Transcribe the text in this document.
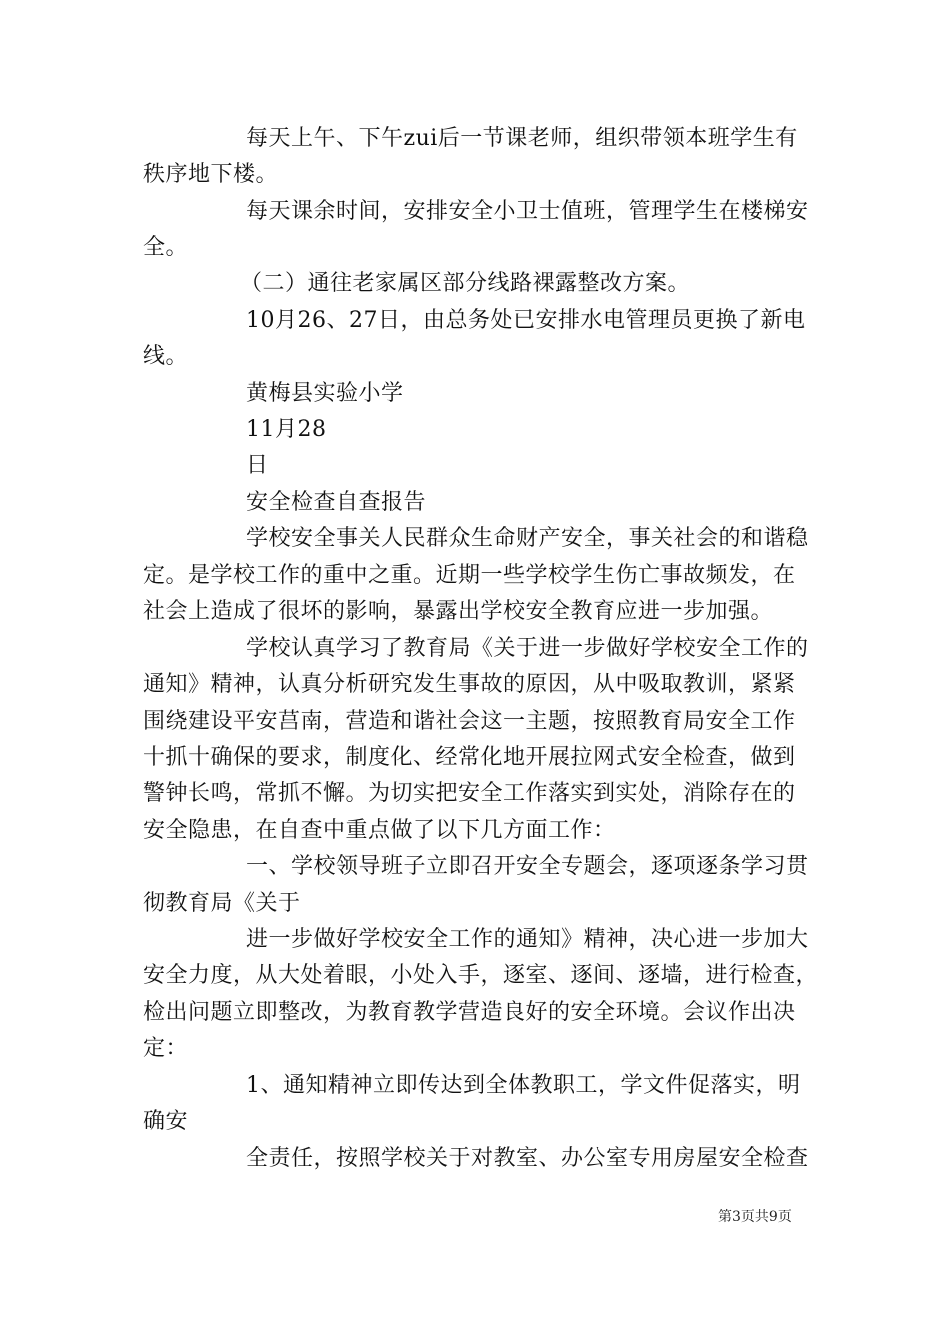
每天上午、下午zui后一节课老师，组织带领本班学生有
秩序地下楼。
每天课余时间，安排安全小卫士值班，管理学生在楼梯安
全。
（二）通往老家属区部分线路裸露整改方案。
10月26、27日，由总务处已安排水电管理员更换了新电
线。
黄梅县实验小学
11月28
日
安全检查自查报告
学校安全事关人民群众生命财产安全，事关社会的和谐稳
定。是学校工作的重中之重。近期一些学校学生伤亡事故频发，在
社会上造成了很坏的影响，暴露出学校安全教育应进一步加强。
学校认真学习了教育局《关于进一步做好学校安全工作的
通知》精神，认真分析研究发生事故的原因，从中吸取教训，紧紧
围绕建设平安莒南，营造和谐社会这一主题，按照教育局安全工作
十抓十确保的要求，制度化、经常化地开展拉网式安全检查，做到
警钟长鸣，常抓不懈。为切实把安全工作落实到实处，消除存在的
安全隐患，在自查中重点做了以下几方面工作：
一、学校领导班子立即召开安全专题会，逐项逐条学习贯
彻教育局《关于
进一步做好学校安全工作的通知》精神，决心进一步加大
安全力度，从大处着眼，小处入手，逐室、逐间、逐墙，进行检查，
检出问题立即整改，为教育教学营造良好的安全环境。会议作出决
定：
1、通知精神立即传达到全体教职工，学文件促落实，明
确安
全责任，按照学校关于对教室、办公室专用房屋安全检查
第3页共9页
